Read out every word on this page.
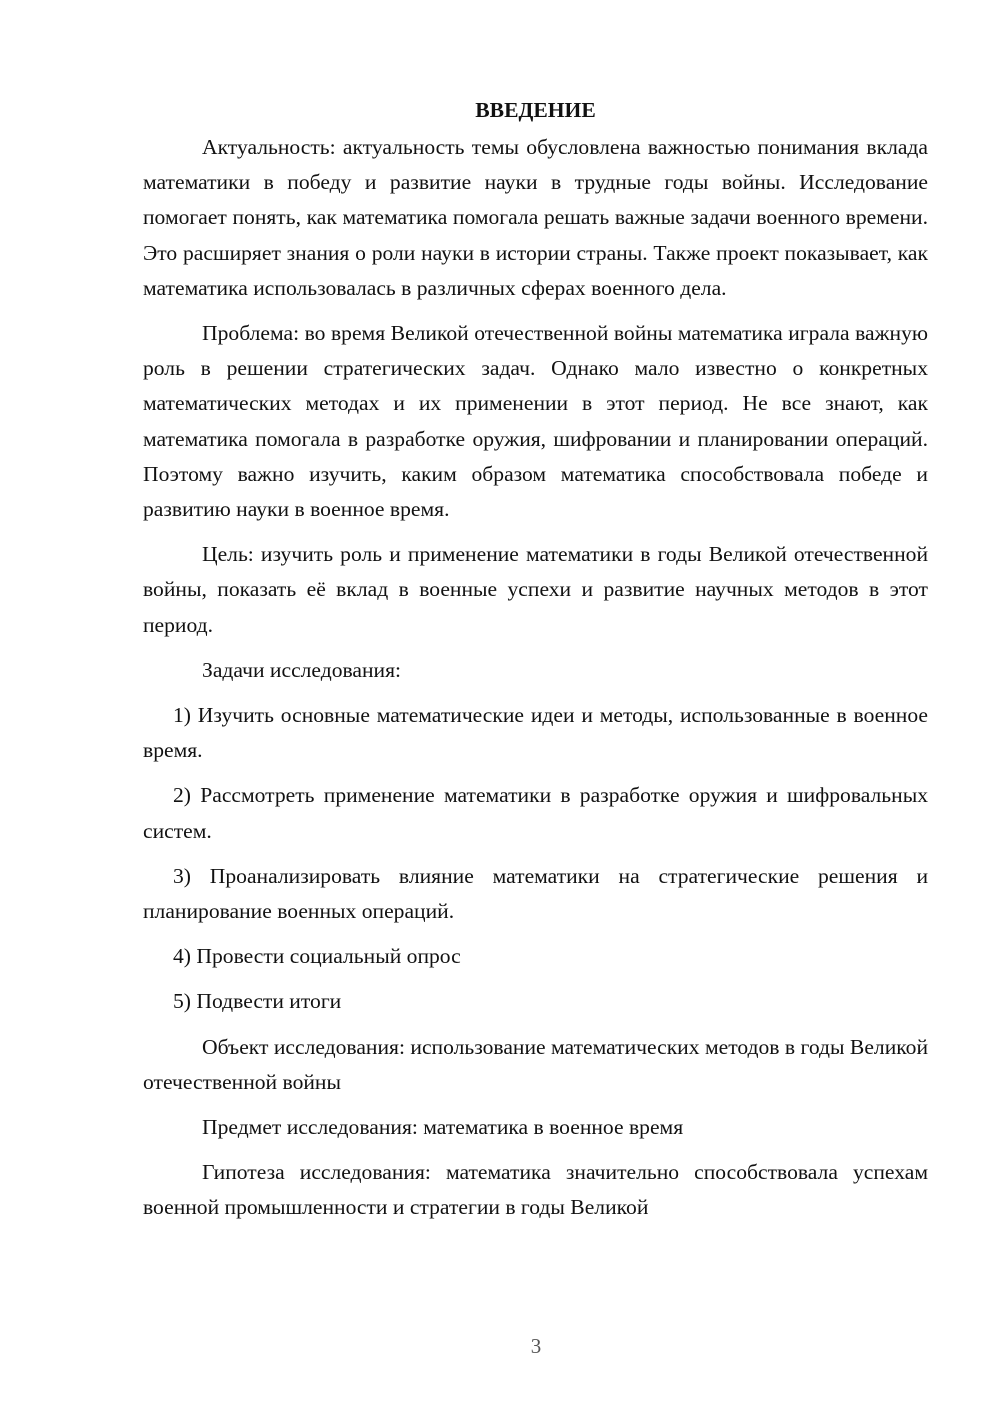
ВВЕДЕНИЕ

Актуальность: актуальность темы обусловлена важностью понимания вклада математики в победу и развитие науки в трудные годы войны. Исследование помогает понять, как математика помогала решать важные задачи военного времени. Это расширяет знания о роли науки в истории страны. Также проект показывает, как математика использовалась в различных сферах военного дела.

Проблема: во время Великой отечественной войны математика играла важную роль в решении стратегических задач. Однако мало известно о конкретных математических методах и их применении в этот период. Не все знают, как математика помогала в разработке оружия, шифровании и планировании операций. Поэтому важно изучить, каким образом математика способствовала победе и развитию науки в военное время.

Цель: изучить роль и применение математики в годы Великой отечественной войны, показать её вклад в военные успехи и развитие научных методов в этот период.

Задачи исследования:

1) Изучить основные математические идеи и методы, использованные в военное время.

2) Рассмотреть применение математики в разработке оружия и шифровальных систем.

3) Проанализировать влияние математики на стратегические решения и планирование военных операций.

4) Провести социальный опрос

5) Подвести итоги

Объект исследования: использование математических методов в годы Великой отечественной войны

Предмет исследования: математика в военное время

Гипотеза исследования: математика значительно способствовала успехам военной промышленности и стратегии в годы Великой

3
